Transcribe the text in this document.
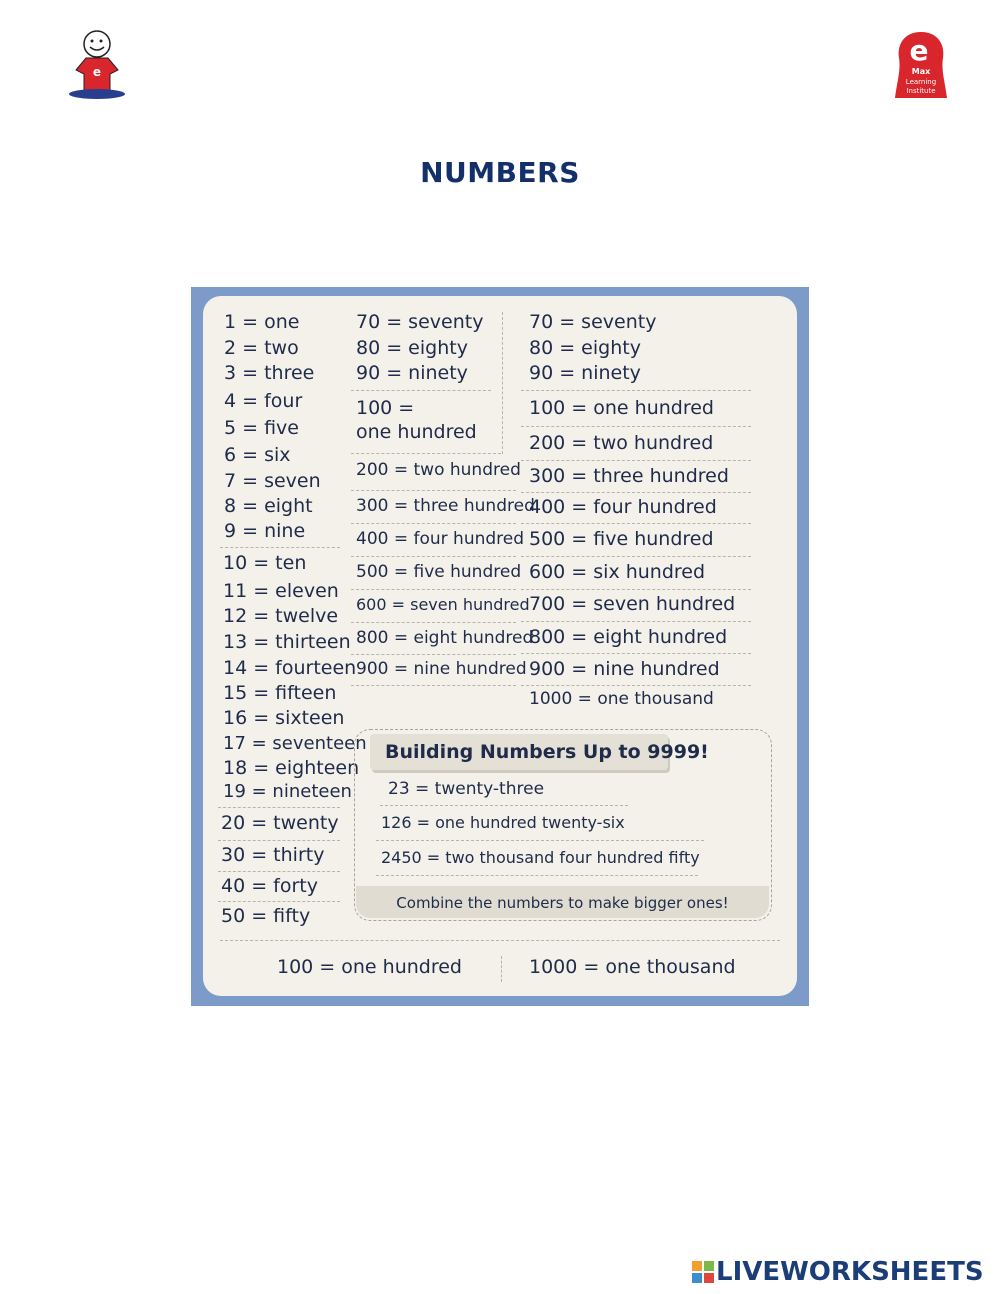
e
e
Max
Learning
Institute
NUMBERS
1 = one
2 = two
3 = three
4 = four
5 = five
6 = six
7 = seven
8 = eight
9 = nine
10 = ten
11 = eleven
12 = twelve
13 = thirteen
14 = fourteen
15 = fifteen
16 = sixteen
17 = seventeen
18 = eighteen
19 = nineteen
20 = twenty
30 = thirty
40 = forty
50 = fifty
70 = seventy
80 = eighty
90 = ninety
100 =
one hundred
200 = two hundred
300 = three hundred
400 = four hundred
500 = five hundred
600 = seven hundred
800 = eight hundred
900 = nine hundred
70 = seventy
80 = eighty
90 = ninety
100 = one hundred
200 = two hundred
300 = three hundred
400 = four hundred
500 = five hundred
600 = six hundred
700 = seven hundred
800 = eight hundred
900 = nine hundred
1000 = one thousand
Building Numbers Up to 9999!
23 = twenty-three
126 = one hundred twenty-six
2450 = two thousand four hundred fifty
Combine the numbers to make bigger ones!
100 = one hundred	1000 = one thousand
LIVEWORKSHEETS
